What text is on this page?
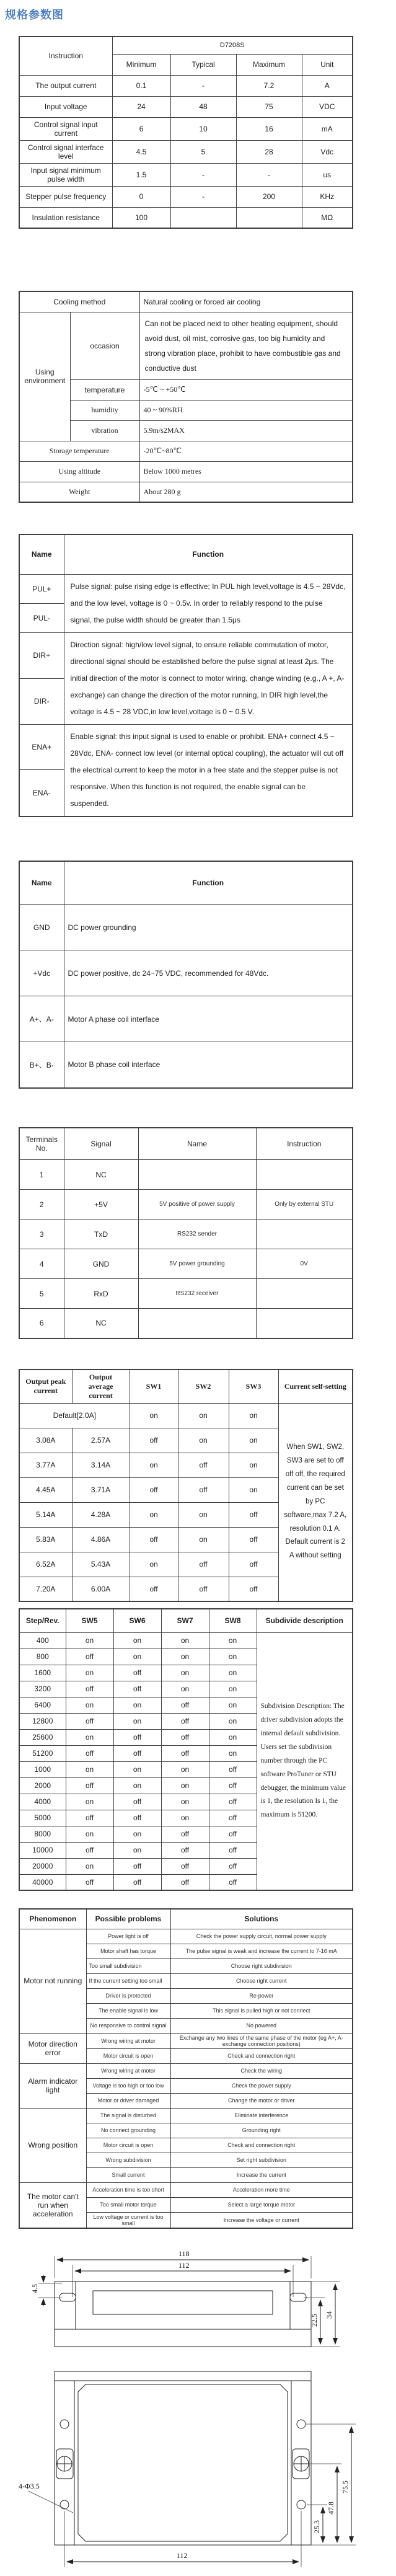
规格参数图
Instruction	D7208S			
	Minimum	Typical	Maximum	Unit
The output current	0.1	-	7.2	A
Input voltage	24	48	75	VDC
Control signal input current	6	10	16	mA
Control signal interface level	4.5	5	28	Vdc
Input signal minimum pulse width	1.5	-	-	us
Stepper pulse frequency	0	-	200	KHz
Insulation resistance	100			MΩ
Cooling method		Natural cooling or forced air cooling
Using environment	occasion	Can not be placed next to other heating equipment, should avoid dust, oil mist, corrosive gas, too big humidity and strong vibration place, prohibit to have combustible gas and conductive dust
	temperature	-5℃ ~ +50℃
	humidity	40 ~ 90%RH
	vibration	5.9m/s2MAX
Storage temperature		-20℃~80℃
Using altitude		Below 1000 metres
Weight		About 280 g
Name	Function
PUL+	Pulse signal: pulse rising edge is effective; In PUL high level,voltage is 4.5 ~ 28Vdc, and the low level, voltage is 0 ~ 0.5v. In order to reliably respond to the pulse signal, the pulse width should be greater than 1.5μs
PUL-	
DIR+	Direction signal: high/low level signal, to ensure reliable commutation of motor, directional signal should be established before the pulse signal at least 2μs. The initial direction of the motor is connect to motor wiring, change winding (e.g., A +, A- exchange) can change the direction of the motor running, In DIR high level,the voltage is 4.5 ~ 28 VDC,in low level,voltage is 0 ~ 0.5 V.
DIR-	
ENA+	Enable signal: this input signal is used to enable or prohibit. ENA+ connect 4.5 ~ 28Vdc, ENA- connect low level (or internal optical coupling), the actuator will cut off the electrical current to keep the motor in a free state and the stepper pulse is not responsive. When this function is not required, the enable signal can be suspended.
ENA-	
Name	Function
GND	DC power grounding
+Vdc	DC power positive, dc 24~75 VDC, recommended for 48Vdc.
A+、A-	Motor A phase coil interface
B+、B-	Motor B phase coil interface
Terminals No.	Signal	Name	Instruction
1	NC		
2	+5V	5V positive of power supply	Only by external STU
3	TxD	RS232 sender	
4	GND	5V power grounding	0V
5	RxD	RS232 receiver	
6	NC		
Output peak current	Output average current	SW1	SW2	SW3	Current self-setting
Default[2.0A]		on	on	on	When SW1, SW2, SW3 are set to off off off, the required current can be set by PC software,max 7.2 A, resolution 0.1 A. Default current is 2 A without setting
3.08A	2.57A	off	on	on	
3.77A	3.14A	on	off	on	
4.45A	3.71A	off	off	on	
5.14A	4.28A	on	on	off	
5.83A	4.86A	off	on	off	
6.52A	5.43A	on	off	off	
7.20A	6.00A	off	off	off	
Step/Rev.	SW5	SW6	SW7	SW8	Subdivide description
400	on	on	on	on	Subdivision Description: The driver subdivision adopts the internal default subdivision. Users set the subdivision number through the PC software ProTuner or STU debugger, the minimum value is 1, the resolution Is 1, the maximum is 51200.
800	off	on	on	on	
1600	on	off	on	on	
3200	off	off	on	on	
6400	on	on	off	on	
12800	off	on	off	on	
25600	on	off	off	on	
51200	off	off	off	on	
1000	on	on	on	off	
2000	off	on	on	off	
4000	on	off	on	off	
5000	off	off	on	off	
8000	on	on	off	off	
10000	off	on	off	off	
20000	on	off	off	off	
40000	off	off	off	off	
Phenomenon	Possible problems	Solutions
Motor not running	Power light is off	Check the power supply circuit, normal power supply
	Motor shaft has torque	The pulse signal is weak and increase the current to 7-16 mA
	Too small subdivision	Choose right subdivision
	If the current setting too small	Choose right current
	Driver is protected	Re-power
	The enable signal is low	This signal is pulled high or not connect
	No responsive to control signal	No powered
Motor direction error	Wrong wiring at motor	Exchange any two lines of the same phase of the motor (eg A+, A- exchange connection positions)
	Motor circuit is open	Check and connection right
Alarm indicator light	Wrong wiring at motor	Check the wiring
	Voltage is too high or too low	Check the power supply
	Motor or driver damaged	Change the motor or driver
Wrong position	The signal is disturbed	Eliminate interference
	No connect grounding	Grounding right
	Motor circuit is open	Check and connection right
	Wrong subdivision	Set right subdivision
	Small current	Increase the current
The motor can't run when acceleration	Acceleration time is too short	Acceleration more time
	Too small motor torque	Select a large torque motor
	Low voltage or current is too small	Increase the voltage or current
118
112
4.5
22.5 34
4-Φ3.5
25.3
47.8
75.5
112
